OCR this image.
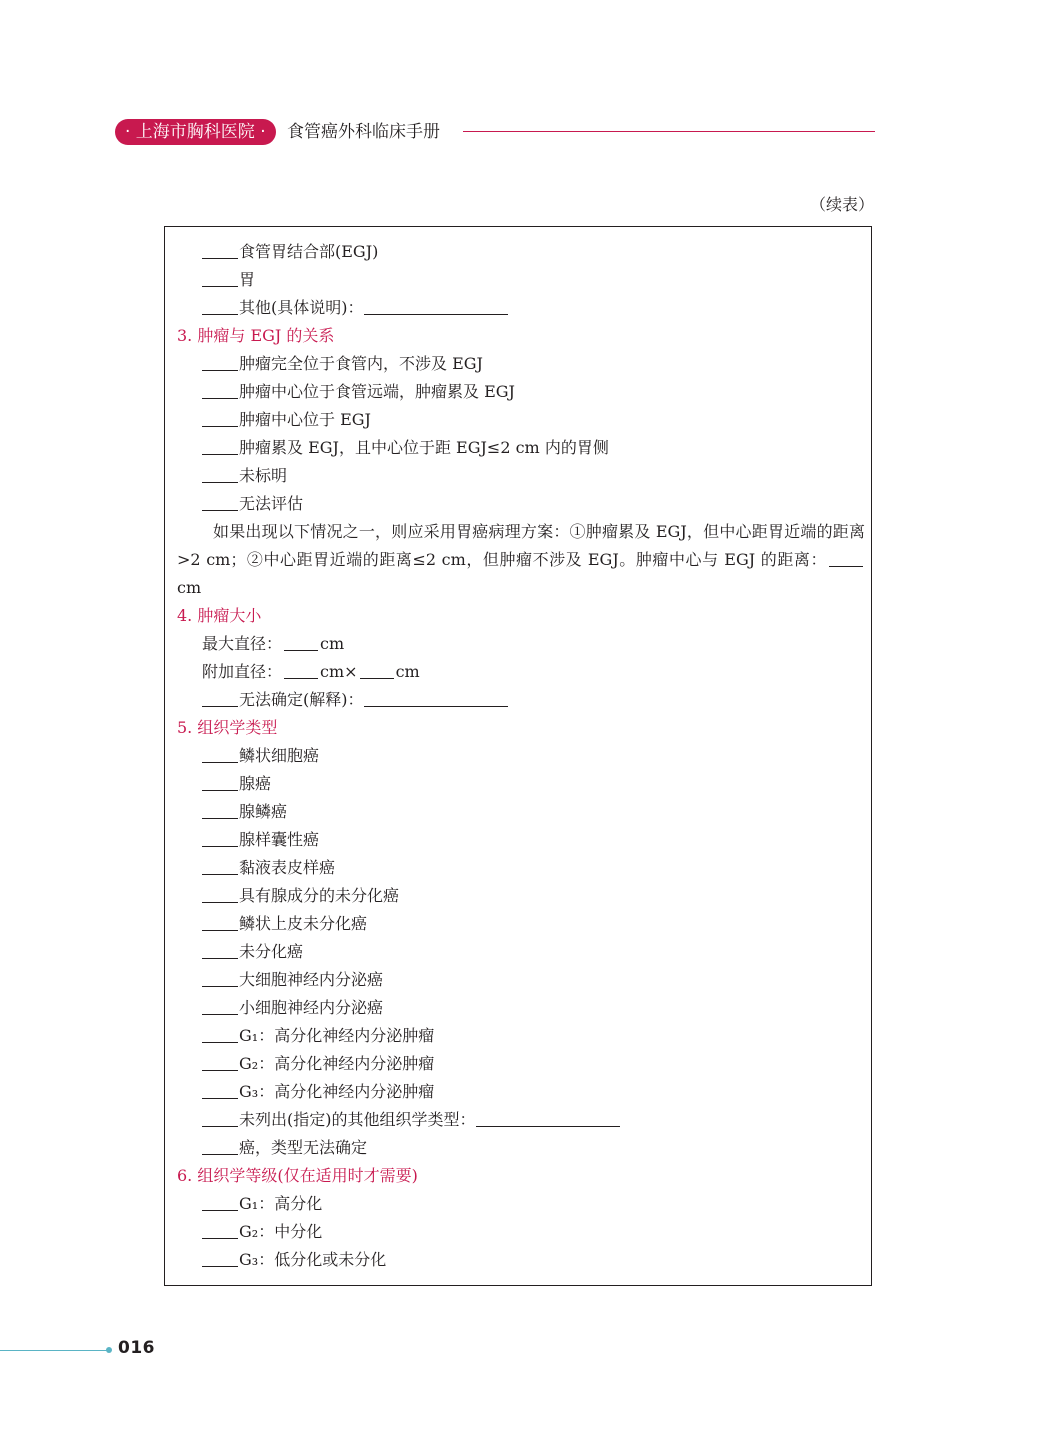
· 上海市胸科医院 ·	食管癌外科临床手册
（续表）
食管胃结合部(EGJ)
胃
其他(具体说明)：
3. 肿瘤与 EGJ 的关系
肿瘤完全位于食管内，不涉及 EGJ
肿瘤中心位于食管远端，肿瘤累及 EGJ
肿瘤中心位于 EGJ
肿瘤累及 EGJ，且中心位于距 EGJ≤2 cm 内的胃侧
未标明
无法评估
如果出现以下情况之一，则应采用胃癌病理方案：①肿瘤累及 EGJ，但中心距胃近端的距离>2 cm；②中心距胃近端的距离≤2 cm，但肿瘤不涉及 EGJ。肿瘤中心与 EGJ 的距离：cm
4. 肿瘤大小
最大直径： cm
附加直径： cm× cm
无法确定(解释)：
5. 组织学类型
鳞状细胞癌
腺癌
腺鳞癌
腺样囊性癌
黏液表皮样癌
具有腺成分的未分化癌
鳞状上皮未分化癌
未分化癌
大细胞神经内分泌癌
小细胞神经内分泌癌
G₁：高分化神经内分泌肿瘤
G₂：高分化神经内分泌肿瘤
G₃：高分化神经内分泌肿瘤
未列出(指定)的其他组织学类型：
癌，类型无法确定
6. 组织学等级(仅在适用时才需要)
G₁：高分化
G₂：中分化
G₃：低分化或未分化
016
